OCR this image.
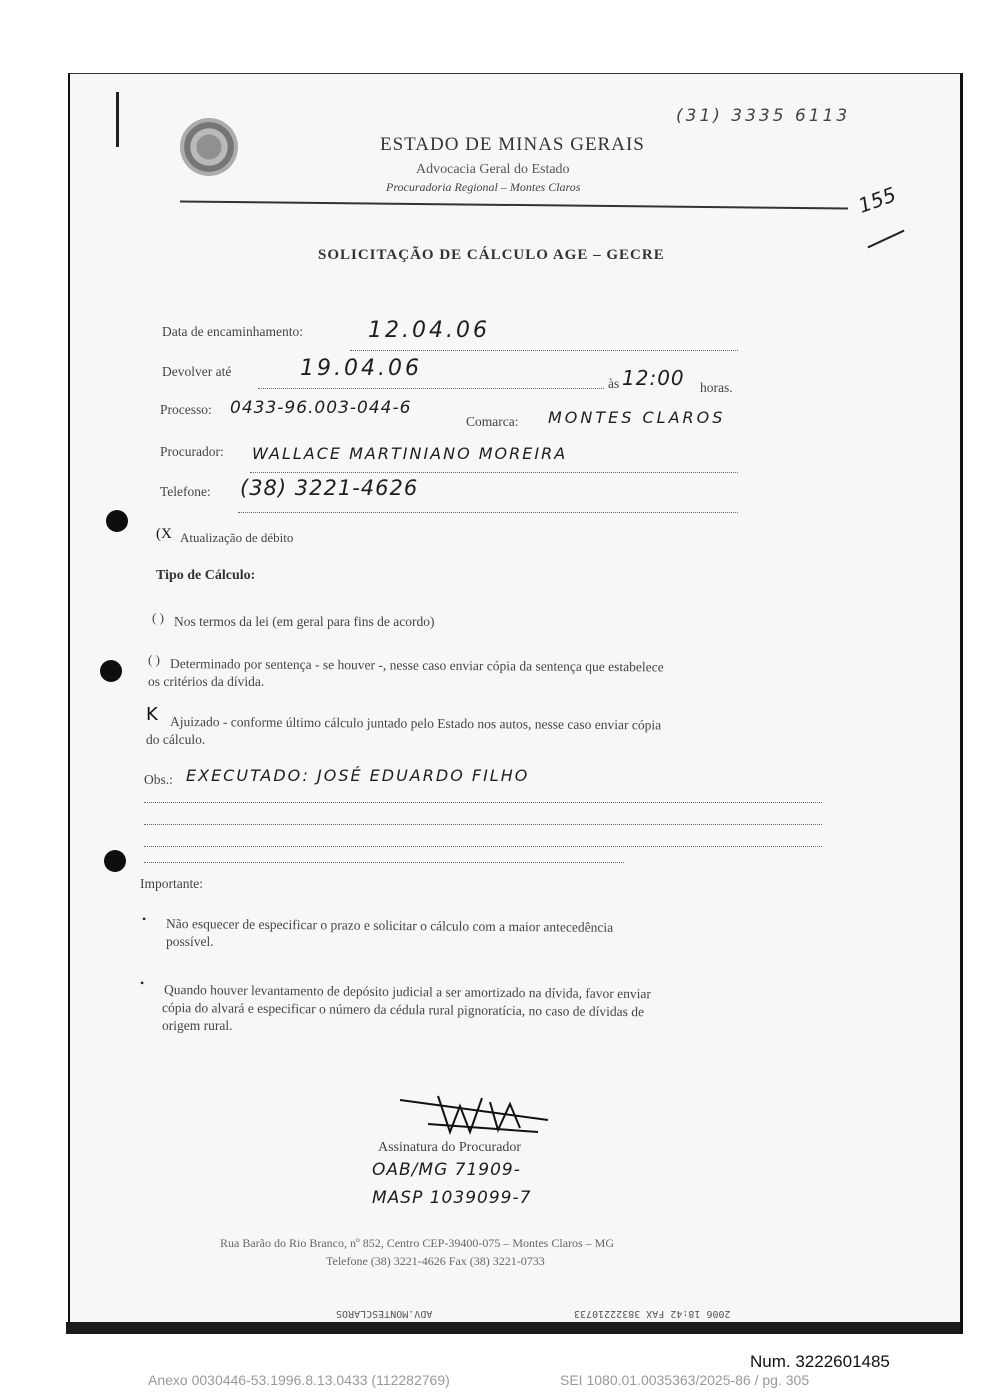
(31) 3335 6113
ESTADO DE MINAS GERAIS
Advocacia Geral do Estado
Procuradoria Regional – Montes Claros	155
SOLICITAÇÃO DE CÁLCULO AGE – GECRE
Data de encaminhamento:	12.04.06
Devolver até	19.04.06
às 12:00 horas.
Processo: 0433-96.003-044-6
Comarca: MONTES CLAROS
Procurador: WALLACE MARTINIANO MOREIRA
Telefone: (38) 3221-4626
(X Atualização de débito
Tipo de Cálculo:
( ) Nos termos da lei (em geral para fins de acordo)
( ) Determinado por sentença - se houver -, nesse caso enviar cópia da sentença que estabelece
os critérios da dívida.
K Ajuizado - conforme último cálculo juntado pelo Estado nos autos, nesse caso enviar cópia
do cálculo.
Obs.: EXECUTADO: JOSÉ EDUARDO FILHO
Importante:
• Não esquecer de especificar o prazo e solicitar o cálculo com a maior antecedência
possível.
• Quando houver levantamento de depósito judicial a ser amortizado na dívida, favor enviar
cópia do alvará e especificar o número da cédula rural pignoratícia, no caso de dívidas de
origem rural.
Assinatura do Procurador
OAB/MG 71909-
MASP 1039099-7
Rua Barão do Rio Branco, nº 852, Centro CEP-39400-075 – Montes Claros – MG
Telefone (38) 3221-4626 Fax (38) 3221-0733
ADV.MONTESCLAROS	2006 18:42 FAX 38322210733
Num. 3222601485
Anexo 0030446-53.1996.8.13.0433 (112282769)	SEI 1080.01.0035363/2025-86 / pg. 305
